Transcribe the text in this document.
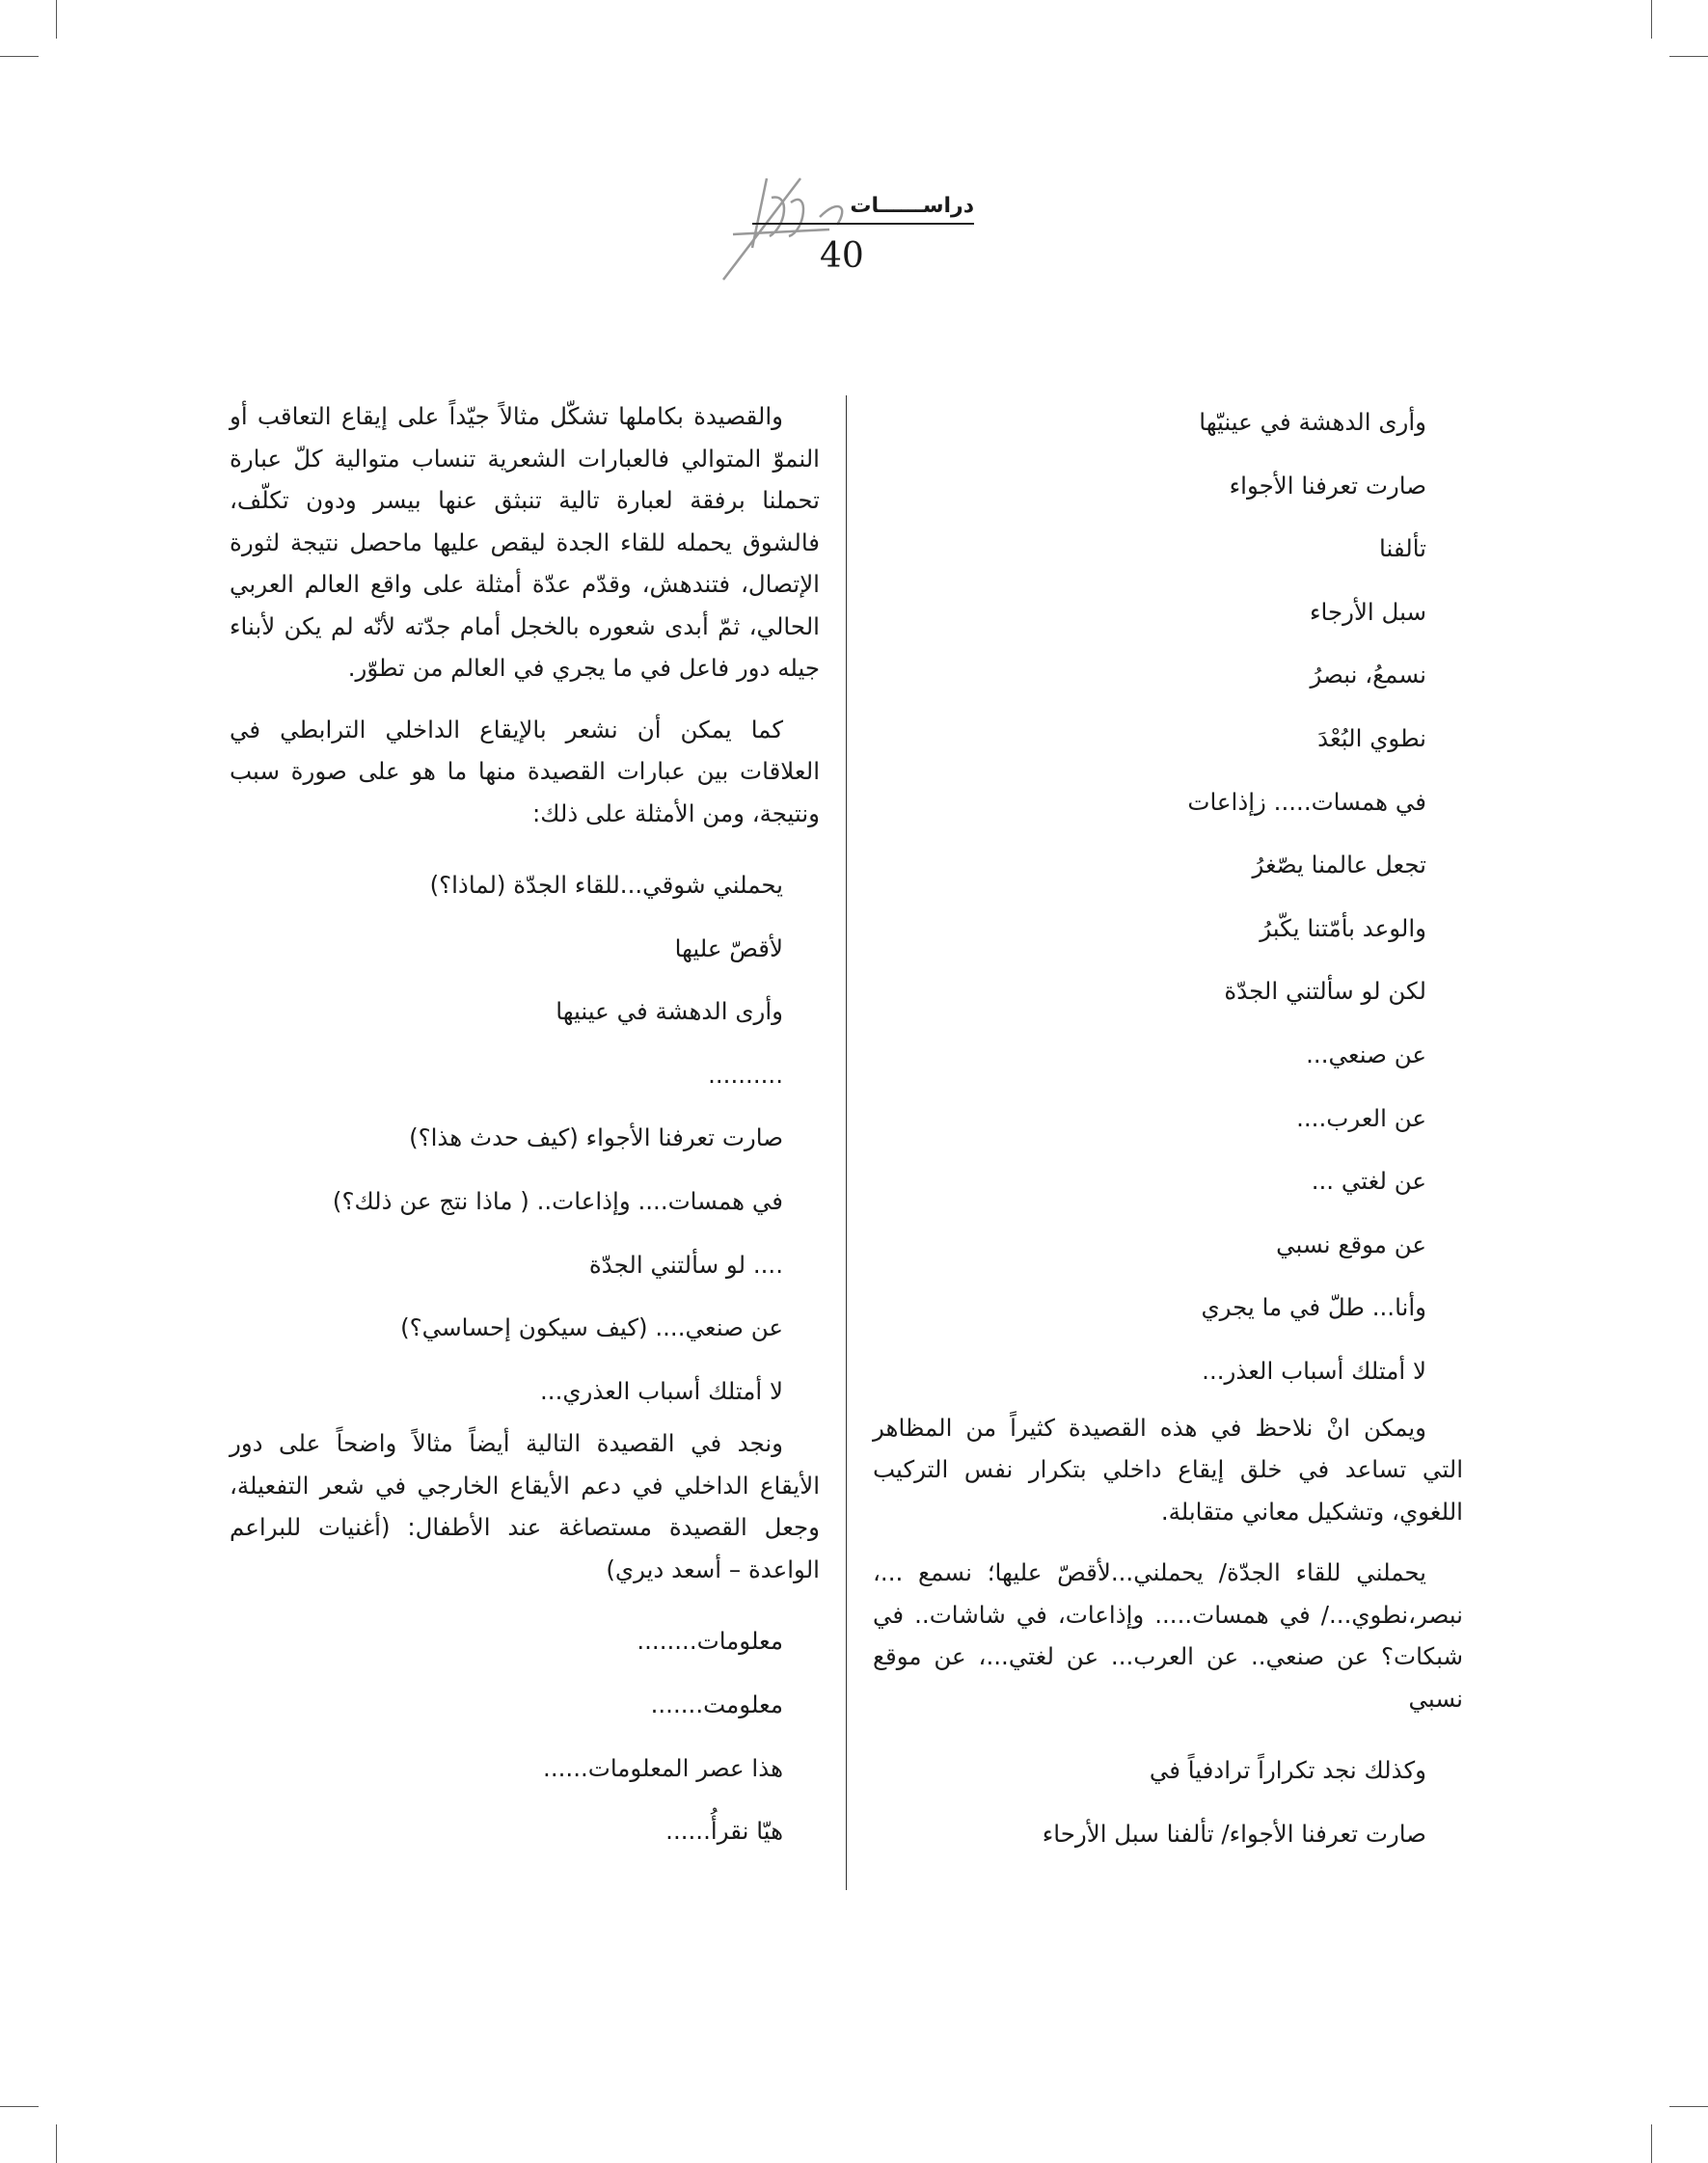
دراســــــات
40
وأرى الدهشة في عينيّها
صارت تعرفنا الأجواء
تألفنا
سبل الأرجاء
نسمعُ، نبصرُ
نطوي البُعْدَ
في همسات..... زإذاعات
تجعل عالمنا يصّغرُ
والوعد بأمّتنا يكّبرُ
لكن لو سألتني الجدّة
عن صنعي...
عن العرب....
عن لغتي ...
عن موقع نسبي
وأنا... طلّ في ما يجري
لا أمتلك أسباب العذر...
ويمكن انْ نلاحظ في هذه القصيدة كثيراً من المظاهر التي تساعد في خلق إيقاع داخلي بتكرار نفس التركيب اللغوي، وتشكيل معاني متقابلة.
يحملني للقاء الجدّة/ يحملني...لأقصّ عليها؛ نسمع ...، نبصر،نطوي.../ في همسات..... وإذاعات، في شاشات.. في شبكات؟ عن صنعي.. عن العرب... عن لغتي...، عن موقع نسبي
وكذلك نجد تكراراً ترادفياً في
صارت تعرفنا الأجواء/ تألفنا سبل الأرحاء
والقصيدة بكاملها تشكّل مثالاً جيّداً على إيقاع التعاقب أو النموّ المتوالي فالعبارات الشعرية تنساب متوالية كلّ عبارة تحملنا برفقة لعبارة تالية تنبثق عنها بيسر ودون تكلّف، فالشوق يحمله للقاء الجدة ليقص عليها ماحصل نتيجة لثورة الإتصال، فتندهش، وقدّم عدّة أمثلة على واقع العالم العربي الحالي، ثمّ أبدى شعوره بالخجل أمام جدّته لأنّه لم يكن لأبناء جيله دور فاعل في ما يجري في العالم من تطوّر.
كما يمكن أن نشعر بالإيقاع الداخلي الترابطي في العلاقات بين عبارات القصيدة منها ما هو على صورة سبب ونتيجة، ومن الأمثلة على ذلك:
يحملني شوقي...للقاء الجدّة (لماذا؟)
لأقصّ عليها
وأرى الدهشة في عينيها
..........
صارت تعرفنا الأجواء (كيف حدث هذا؟)
في همسات.... وإذاعات.. ( ماذا نتج عن ذلك؟)
.... لو سألتني الجدّة
عن صنعي.... (كيف سيكون إحساسي؟)
لا أمتلك أسباب العذري...
ونجد في القصيدة التالية أيضاً مثالاً واضحاً على دور الأيقاع الداخلي في دعم الأيقاع الخارجي في شعر التفعيلة، وجعل القصيدة مستصاغة عند الأطفال: (أغنيات للبراعم الواعدة – أسعد ديري)
معلومات........
معلومت.......
هذا عصر المعلومات......
هيّا نقرأُ......
